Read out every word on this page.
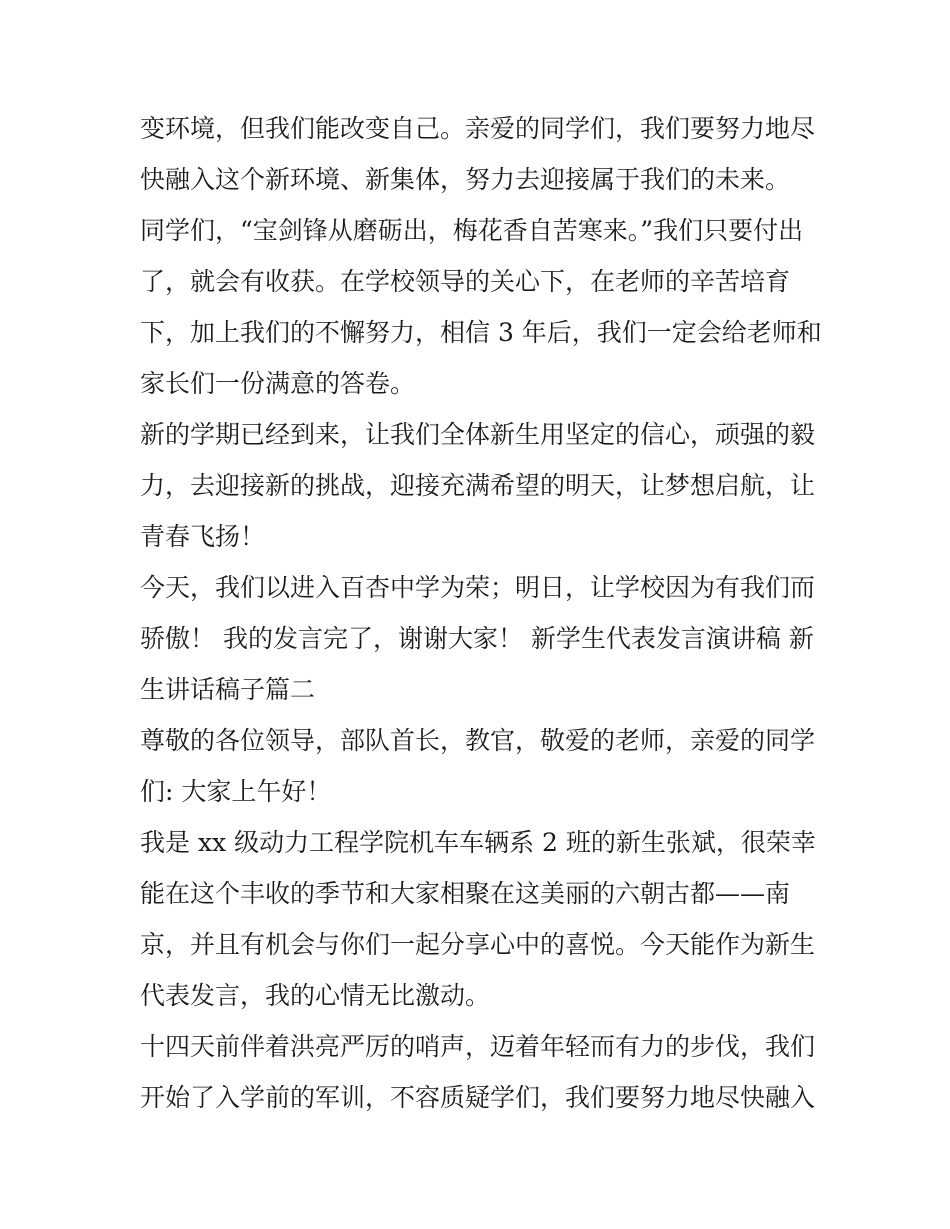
变环境，但我们能改变自己。亲爱的同学们，我们要努力地尽
快融入这个新环境、新集体，努力去迎接属于我们的未来。
同学们，“宝剑锋从磨砺出，梅花香自苦寒来。”我们只要付出
了，就会有收获。在学校领导的关心下，在老师的辛苦培育
下，加上我们的不懈努力，相信 3 年后，我们一定会给老师和
家长们一份满意的答卷。
新的学期已经到来，让我们全体新生用坚定的信心，顽强的毅
力，去迎接新的挑战，迎接充满希望的明天，让梦想启航，让
青春飞扬！
今天，我们以进入百杏中学为荣；明日，让学校因为有我们而
骄傲！ 我的发言完了，谢谢大家！ 新学生代表发言演讲稿 新
生讲话稿子篇二
尊敬的各位领导，部队首长，教官，敬爱的老师，亲爱的同学
们: 大家上午好！
我是 xx 级动力工程学院机车车辆系 2 班的新生张斌，很荣幸
能在这个丰收的季节和大家相聚在这美丽的六朝古都——南
京，并且有机会与你们一起分享心中的喜悦。今天能作为新生
代表发言，我的心情无比激动。
十四天前伴着洪亮严厉的哨声，迈着年轻而有力的步伐，我们
开始了入学前的军训，不容质疑学们，我们要努力地尽快融入
